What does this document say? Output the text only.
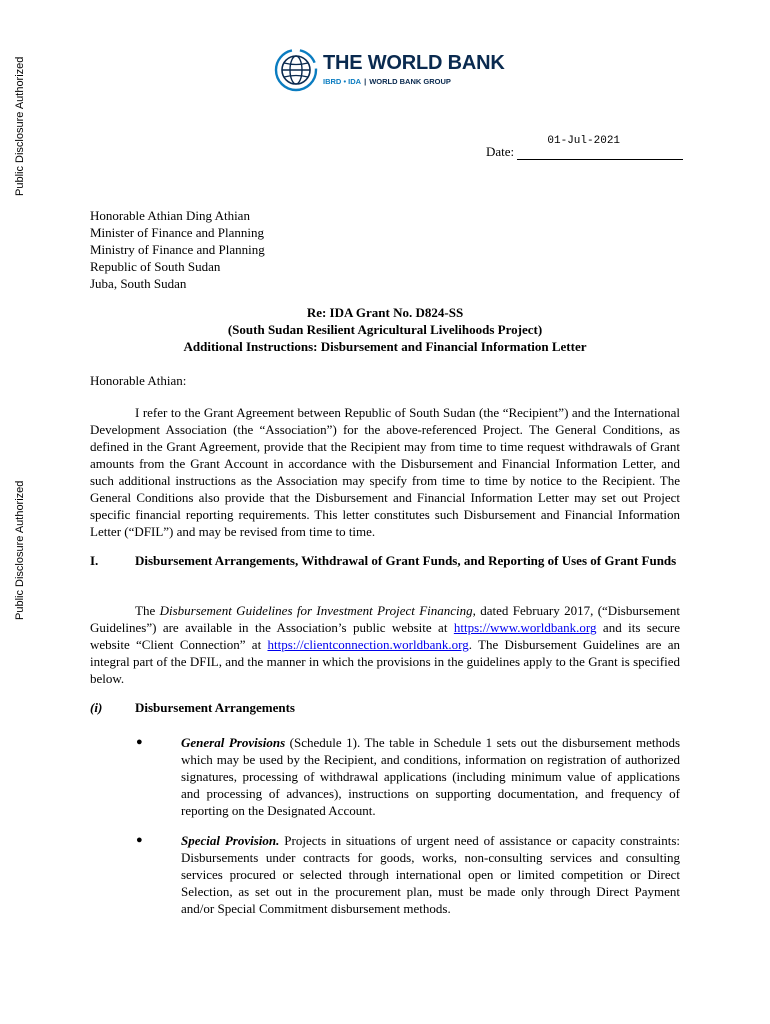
Public Disclosure Authorized
Public Disclosure Authorized
THE WORLD BANK
IBRD • IDA | WORLD BANK GROUP
Date:
01-Jul-2021
Honorable Athian Ding Athian
Minister of Finance and Planning
Ministry of Finance and Planning
Republic of South Sudan
Juba, South Sudan
Re: IDA Grant No. D824-SS
(South Sudan Resilient Agricultural Livelihoods Project)
Additional Instructions: Disbursement and Financial Information Letter
Honorable Athian:
I refer to the Grant Agreement between Republic of South Sudan (the “Recipient”) and the International Development Association (the “Association”) for the above-referenced Project. The General Conditions, as defined in the Grant Agreement, provide that the Recipient may from time to time request withdrawals of Grant amounts from the Grant Account in accordance with the Disbursement and Financial Information Letter, and such additional instructions as the Association may specify from time to time by notice to the Recipient. The General Conditions also provide that the Disbursement and Financial Information Letter may set out Project specific financial reporting requirements. This letter constitutes such Disbursement and Financial Information Letter (“DFIL”) and may be revised from time to time.
I.	Disbursement Arrangements, Withdrawal of Grant Funds, and Reporting of Uses of Grant Funds
The Disbursement Guidelines for Investment Project Financing, dated February 2017, (“Disbursement Guidelines”) are available in the Association’s public website at https://www.worldbank.org and its secure website “Client Connection” at https://clientconnection.worldbank.org. The Disbursement Guidelines are an integral part of the DFIL, and the manner in which the provisions in the guidelines apply to the Grant is specified below.
(i)	Disbursement Arrangements
●	General Provisions (Schedule 1). The table in Schedule 1 sets out the disbursement methods which may be used by the Recipient, and conditions, information on registration of authorized signatures, processing of withdrawal applications (including minimum value of applications and processing of advances), instructions on supporting documentation, and frequency of reporting on the Designated Account.
●	Special Provision. Projects in situations of urgent need of assistance or capacity constraints: Disbursements under contracts for goods, works, non-consulting services and consulting services procured or selected through international open or limited competition or Direct Selection, as set out in the procurement plan, must be made only through Direct Payment and/or Special Commitment disbursement methods.
